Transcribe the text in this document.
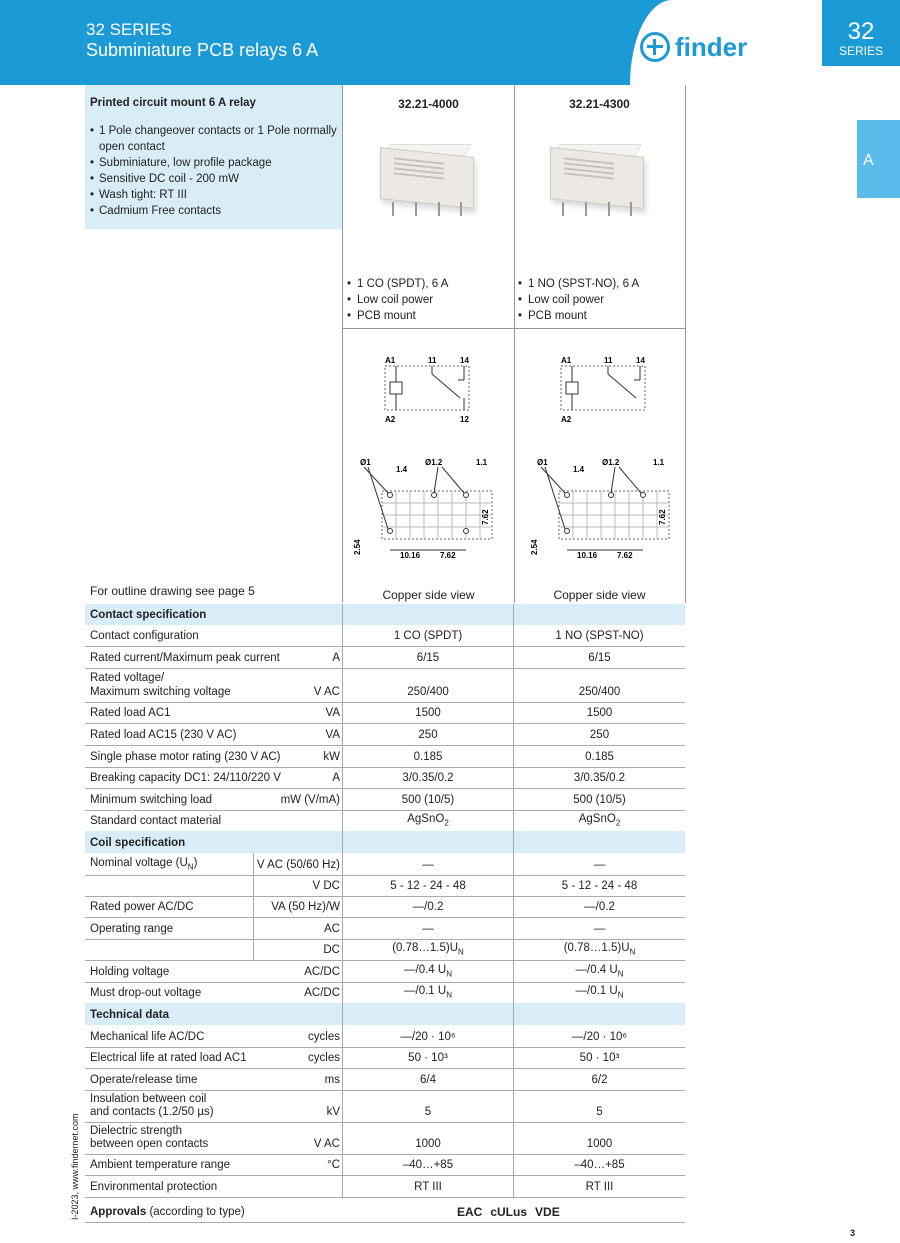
32 SERIES
Subminiature PCB relays 6 A	finder
32
SERIES
A
Printed circuit mount 6 A relay
• 1 Pole changeover contacts or 1 Pole normally open contact
• Subminiature, low profile package
• Sensitive DC coil - 200 mW
• Wash tight: RT III
• Cadmium Free contacts
32.21-4000
• 1 CO (SPDT), 6 A
• Low coil power
• PCB mount
32.21-4300
• 1 NO (SPST-NO), 6 A
• Low coil power
• PCB mount
A1	11	14
A2	12
A1	11	14
A2
Ø1
1.4
Ø1.2	1.1
2.54
7.62
10.16 7.62
Ø1
1.4
Ø1.2	1.1
2.54
7.62
10.16 7.62
For outline drawing see page 5	Copper side view	Copper side view
Contact specification
Contact configuration	1 CO (SPDT)	1 NO (SPST-NO)
Rated current/Maximum peak current	A	6/15	6/15
Rated voltage/
Maximum switching voltage	V AC	250/400	250/400
Rated load AC1	VA	1500	1500
Rated load AC15 (230 V AC)	VA	250	250
Single phase motor rating (230 V AC)	kW	0.185	0.185
Breaking capacity DC1: 24/110/220 V	A	3/0.35/0.2	3/0.35/0.2
Minimum switching load	mW (V/mA)	500 (10/5)	500 (10/5)
Standard contact material	AgSnO$_2$	AgSnO$_2$
Coil specification
Nominal voltage $(U_N)$	V AC (50/60 Hz)	—	—
V DC	5 - 12 - 24 - 48	5 - 12 - 24 - 48
Rated power AC/DC	VA (50 Hz)/W	—/0.2	—/0.2
Operating range	AC	—	—
DC	$(0.78\dots 1.5)U_N$	$(0.78\dots 1.5)U_N$
Holding voltage	AC/DC	—/0.4 $U_N$	—/0.4 $U_N$
Must drop-out voltage	AC/DC	—/0.1 $U_N$	—/0.1 $U_N$
Technical data
Mechanical life AC/DC	cycles	—/20 · 10⁶	—/20 · 10⁶
Electrical life at rated load AC1	cycles	50 · 10³	50 · 10³
Operate/release time	ms	6/4	6/2
Insulation between coil
and contacts (1.2/50 µs)	kV	5	5
Dielectric strength
between open contacts	V AC	1000	1000
Ambient temperature range	°C	–40…+85	–40…+85
Environmental protection	RT III	RT III
Approvals (according to type)	EAC cULus VDE
I-2023, www.findernet.com
3
